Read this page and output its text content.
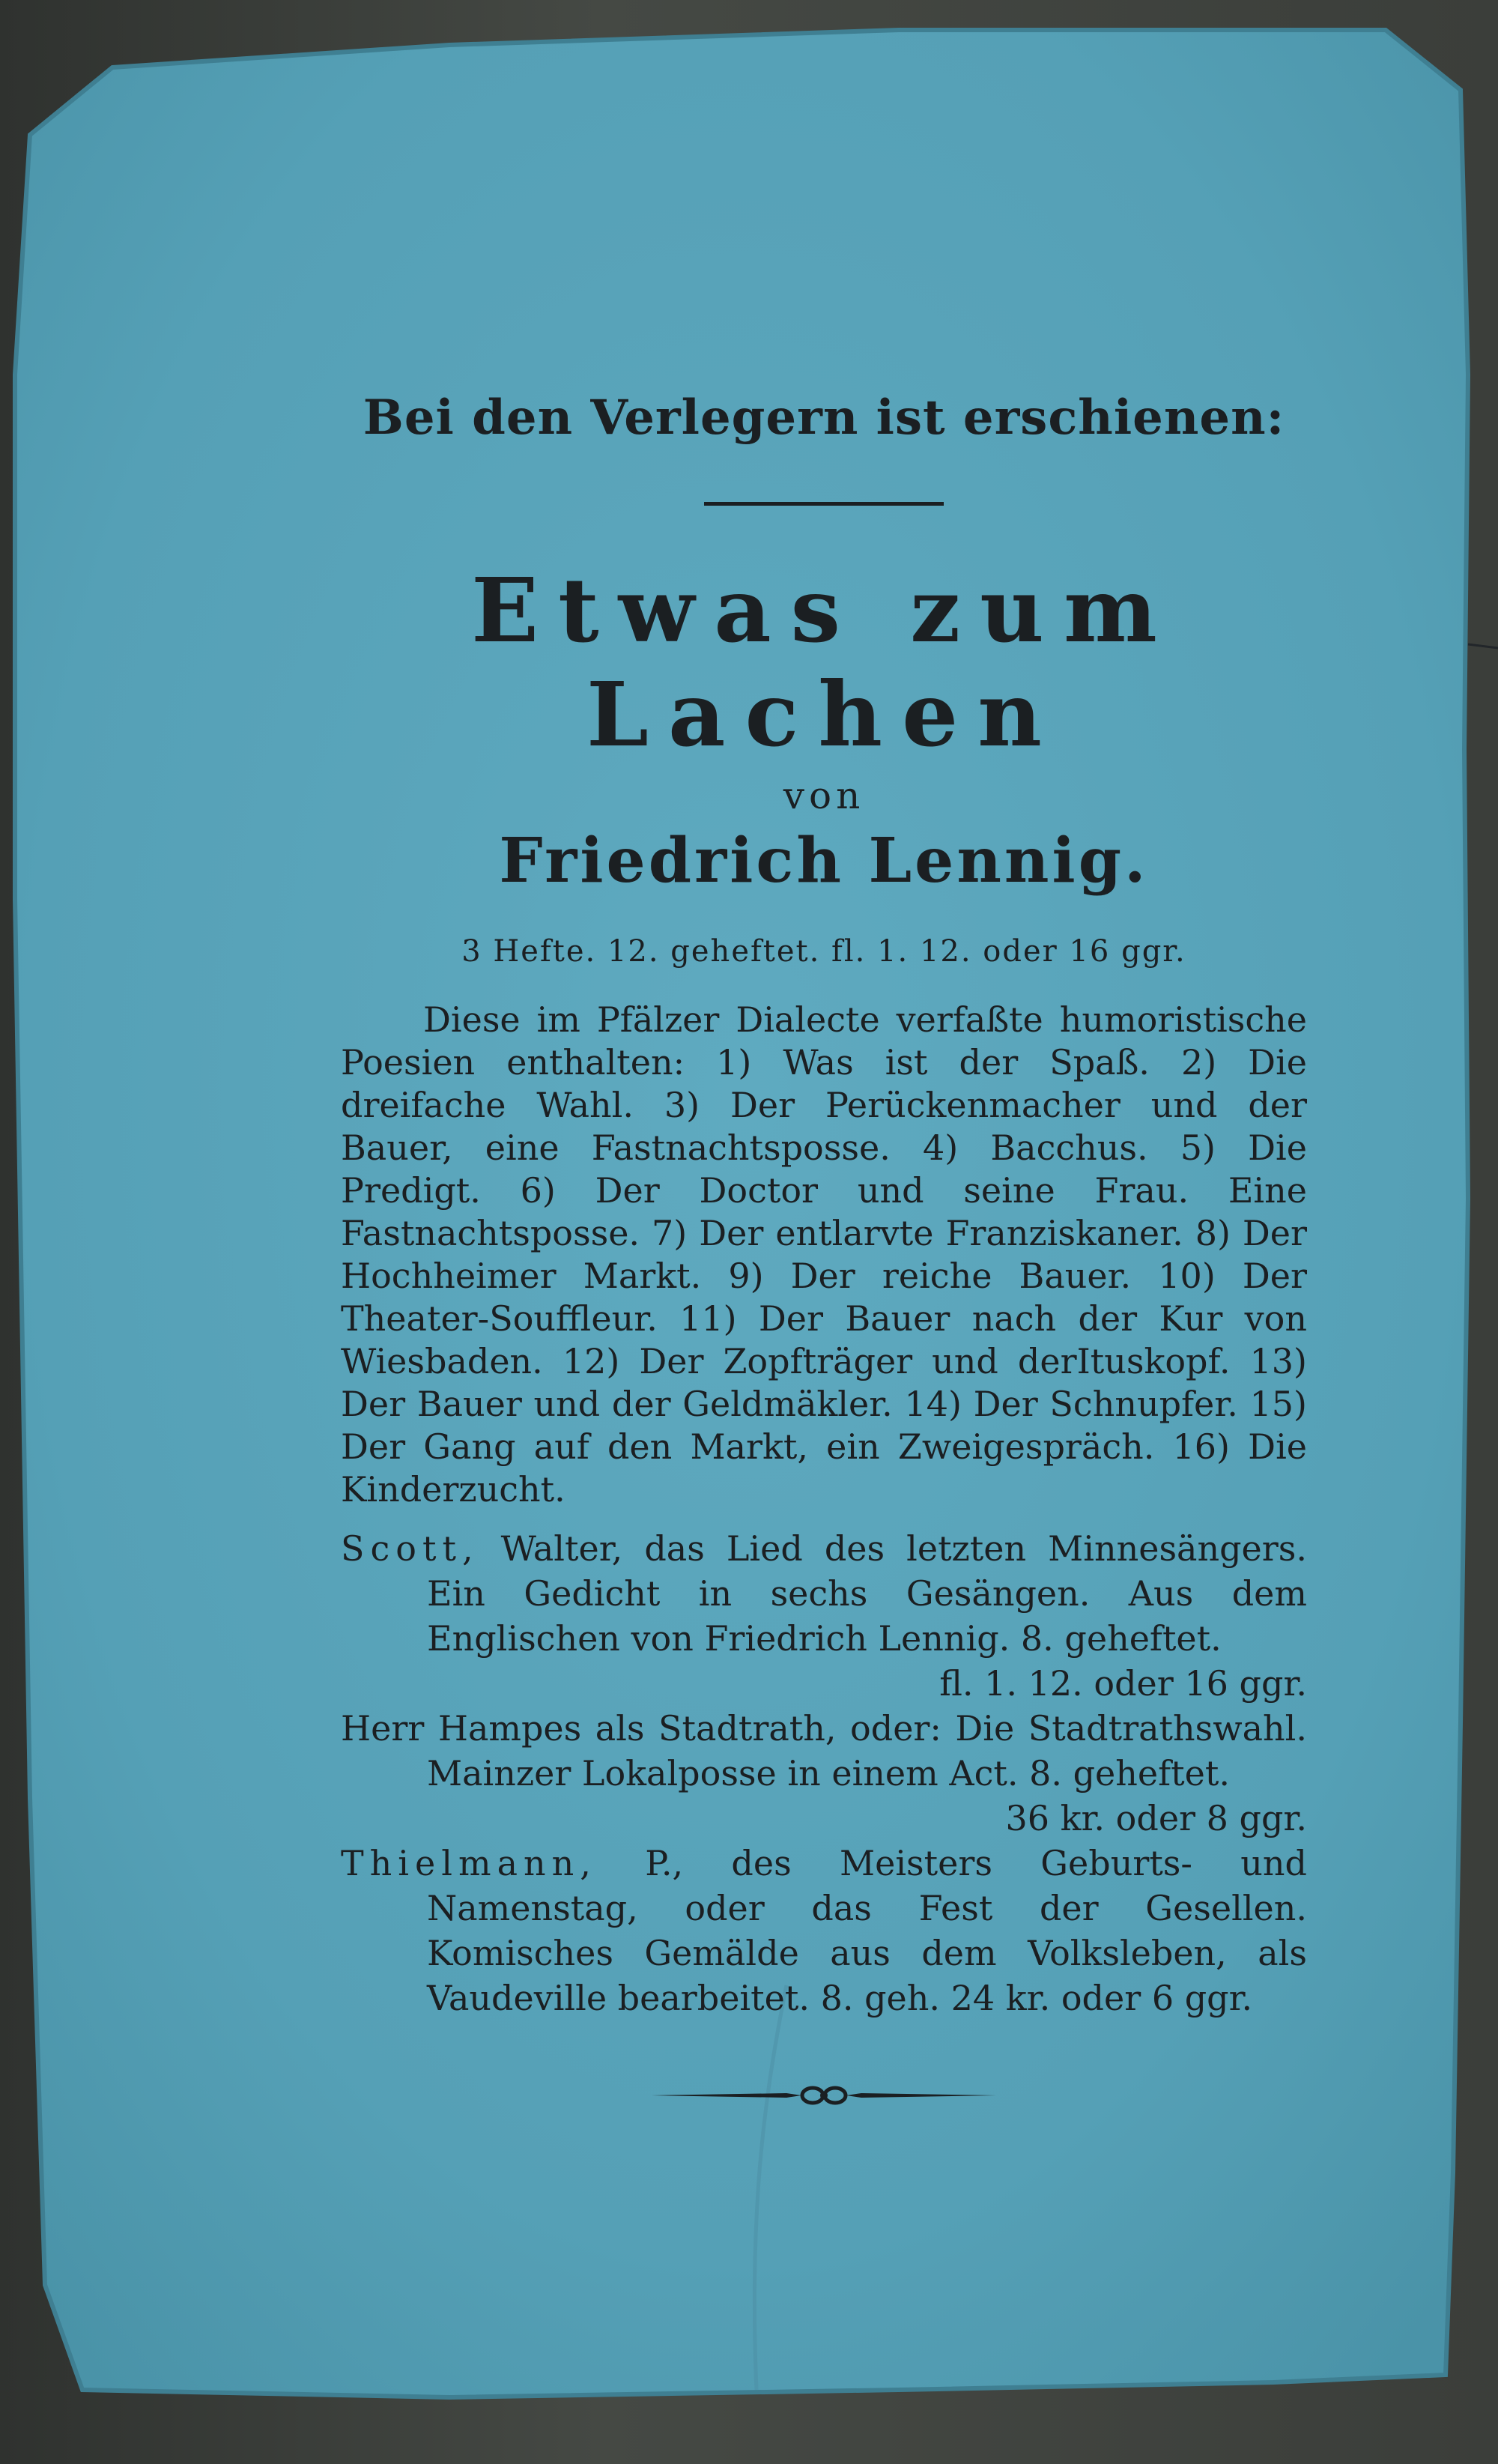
Bei den Verlegern ist erschienen:
Etwas zum Lachen
von
Friedrich Lennig.
3 Hefte. 12. geheftet. fl. 1. 12. oder 16 ggr.

Diese im Pfälzer Dialecte verfaßte humoristische Poesien enthalten: 1) Was ist der Spaß. 2) Die dreifache Wahl. 3) Der Perückenmacher und der Bauer, eine Fastnachtsposse. 4) Bacchus. 5) Die Predigt. 6) Der Doctor und seine Frau. Eine Fastnachtsposse. 7) Der entlarvte Franziskaner. 8) Der Hochheimer Markt. 9) Der reiche Bauer. 10) Der Theater-Souffleur. 11) Der Bauer nach der Kur von Wiesbaden. 12) Der Zopfträger und derItuskopf. 13) Der Bauer und der Geldmäkler. 14) Der Schnupfer. 15) Der Gang auf den Markt, ein Zweigespräch. 16) Die Kinderzucht.

Scott, Walter, das Lied des letzten Minnesängers. Ein Gedicht in sechs Gesängen. Aus dem Englischen von Friedrich Lennig. 8. geheftet.
fl. 1. 12. oder 16 ggr.

Herr Hampes als Stadtrath, oder: Die Stadtrathswahl. Mainzer Lokalposse in einem Act. 8. geheftet.
36 kr. oder 8 ggr.

Thielmann, P., des Meisters Geburts- und Namenstag, oder das Fest der Gesellen. Komisches Gemälde aus dem Volksleben, als Vaudeville bearbeitet. 8. geh. 24 kr. oder 6 ggr.
